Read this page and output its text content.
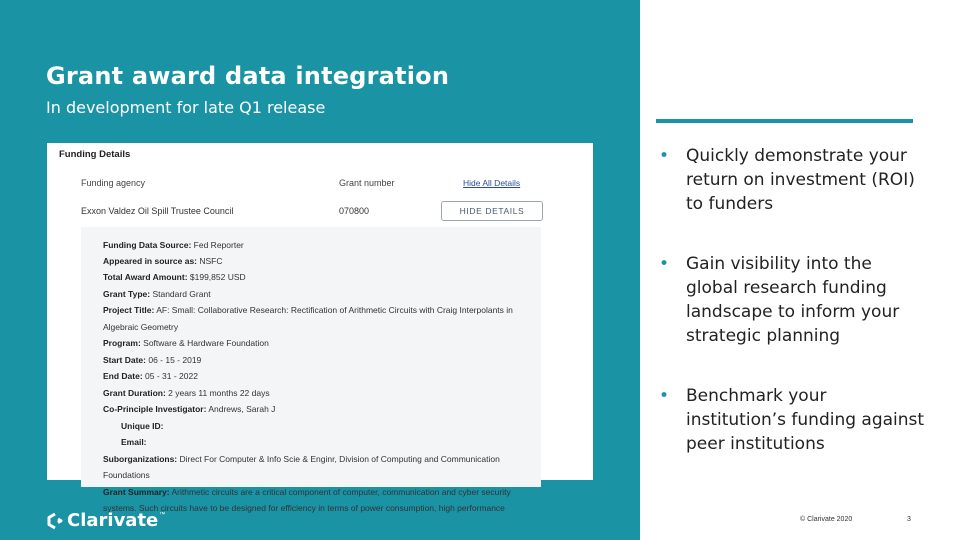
Grant award data integration
In development for late Q1 release
Funding Details
Funding agency	Grant number	Hide All Details
Exxon Valdez Oil Spill Trustee Council	070800	HIDE DETAILS
Funding Data Source: Fed Reporter
Appeared in source as: NSFC
Total Award Amount: $199,852 USD
Grant Type: Standard Grant
Project Title: AF: Small: Collaborative Research: Rectification of Arithmetic Circuits with Craig Interpolants in
Algebraic Geometry
Program: Software & Hardware Foundation
Start Date: 06 - 15 - 2019
End Date: 05 - 31 - 2022
Grant Duration: 2 years 11 months 22 days
Co-Principle Investigator: Andrews, Sarah J
Unique ID:
Email:
Suborganizations: Direct For Computer & Info Scie & Enginr, Division of Computing and Communication
Foundations
Grant Summary: Arithmetic circuits are a critical component of computer, communication and cyber security
systems. Such circuits have to be designed for efficiency in terms of power consumption, high performance
• Quickly demonstrate your return on investment (ROI) to funders
• Gain visibility into the global research funding landscape to inform your strategic planning
• Benchmark your institution’s funding against peer institutions
Clarivate ™
© Clarivate 2020	3
